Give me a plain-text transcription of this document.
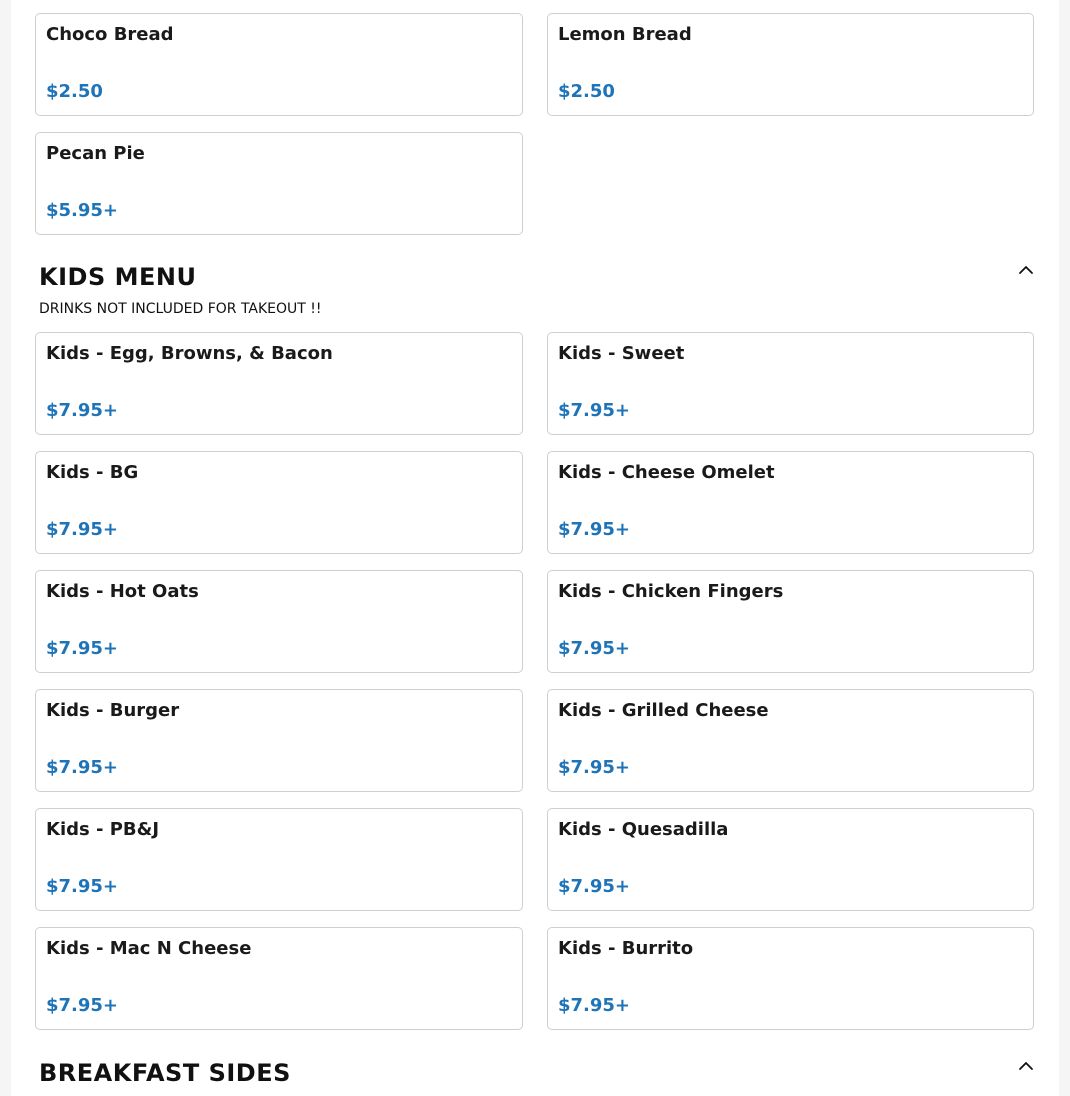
Choco Bread
$2.50
Lemon Bread
$2.50
Pecan Pie
$5.95+
KIDS MENU
DRINKS NOT INCLUDED FOR TAKEOUT !!
Kids - Egg, Browns, & Bacon
$7.95+
Kids - Sweet
$7.95+
Kids - BG
$7.95+
Kids - Cheese Omelet
$7.95+
Kids - Hot Oats
$7.95+
Kids - Chicken Fingers
$7.95+
Kids - Burger
$7.95+
Kids - Grilled Cheese
$7.95+
Kids - PB&J
$7.95+
Kids - Quesadilla
$7.95+
Kids - Mac N Cheese
$7.95+
Kids - Burrito
$7.95+
BREAKFAST SIDES
